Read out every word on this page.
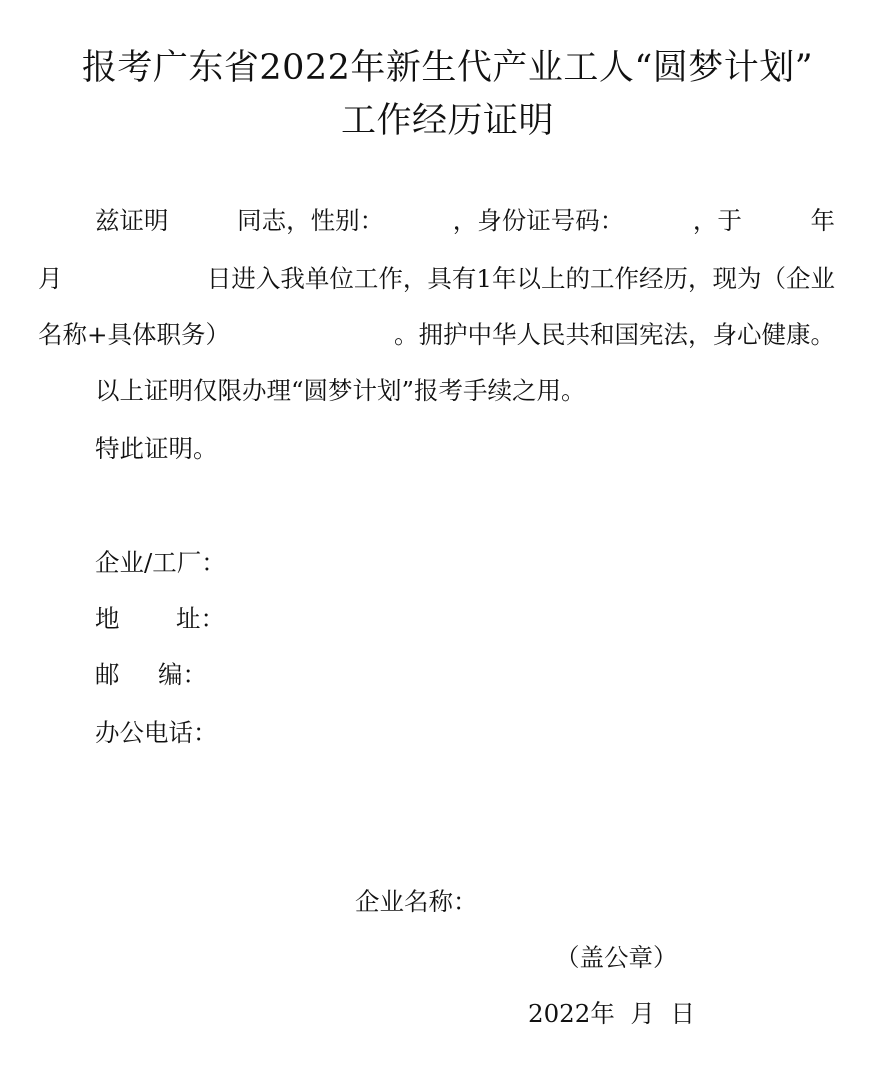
报考广东省2022年新生代产业工人“圆梦计划”
工作经历证明
兹证明	同志，性别：	，身份证号码：	，于	年
月	日进入我单位工作，具有1年以上的工作经历，现为（企业
名称+具体职务）	。拥护中华人民共和国宪法，身心健康。
以上证明仅限办理“圆梦计划”报考手续之用。
特此证明。
企业/工厂：
地 址：
邮 编：
办公电话：
企业名称：
（盖公章）
2022年  月  日
